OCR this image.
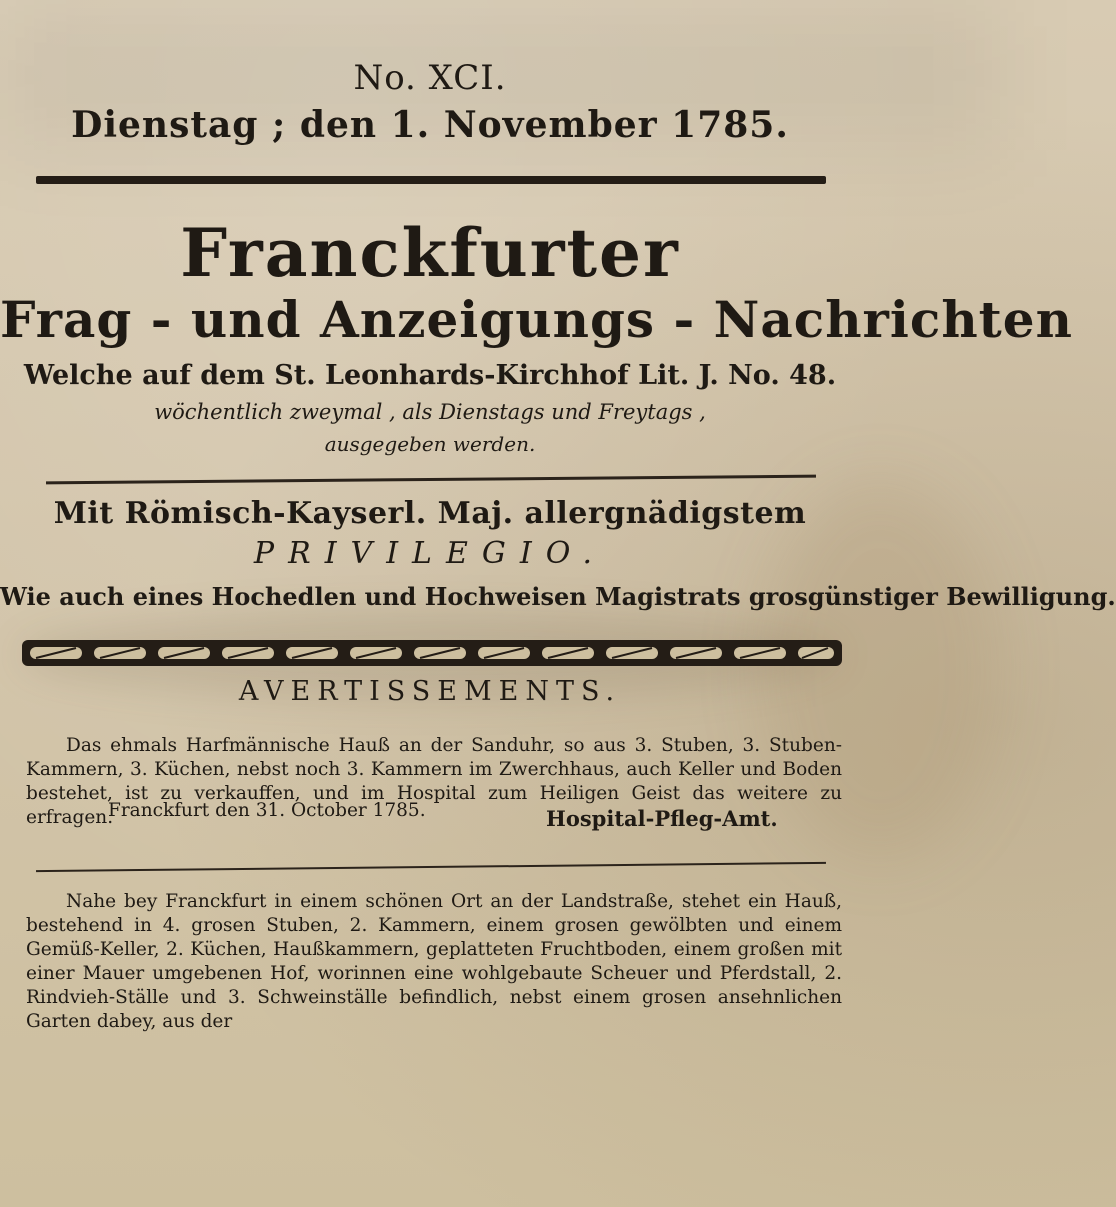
No. XCI.
Dienstag ; den 1. November 1785.
Franckfurter
Frag - und Anzeigungs - Nachrichten
Welche auf dem St. Leonhards-Kirchhof Lit. J. No. 48.
wöchentlich zweymal , als Dienstags und Freytags ,
ausgegeben werden.
Mit Römisch-Kayserl. Maj. allergnädigstem
PRIVILEGIO.
Wie auch eines Hochedlen und Hochweisen Magistrats grosgünstiger Bewilligung.
AVERTISSEMENTS.
Das ehmals Harfmännische Hauß an der Sanduhr, so aus 3. Stuben, 3. Stuben-Kammern, 3. Küchen, nebst noch 3. Kammern im Zwerchhaus, auch Keller und Boden bestehet, ist zu verkauffen, und im Hospital zum Heiligen Geist das weitere zu erfragen.
Franckfurt den 31. October 1785.	Hospital-Pfleg-Amt.
Nahe bey Franckfurt in einem schönen Ort an der Landstraße, stehet ein Hauß, bestehend in 4. grosen Stuben, 2. Kammern, einem grosen gewölbten und einem Gemüß-Keller, 2. Küchen, Haußkammern, geplatteten Fruchtboden, einem großen mit einer Mauer umgebenen Hof, worinnen eine wohlgebaute Scheuer und Pferdstall, 2. Rindvieh-Ställe und 3. Schweinställe befindlich, nebst einem grosen ansehnlichen Garten dabey, aus der
